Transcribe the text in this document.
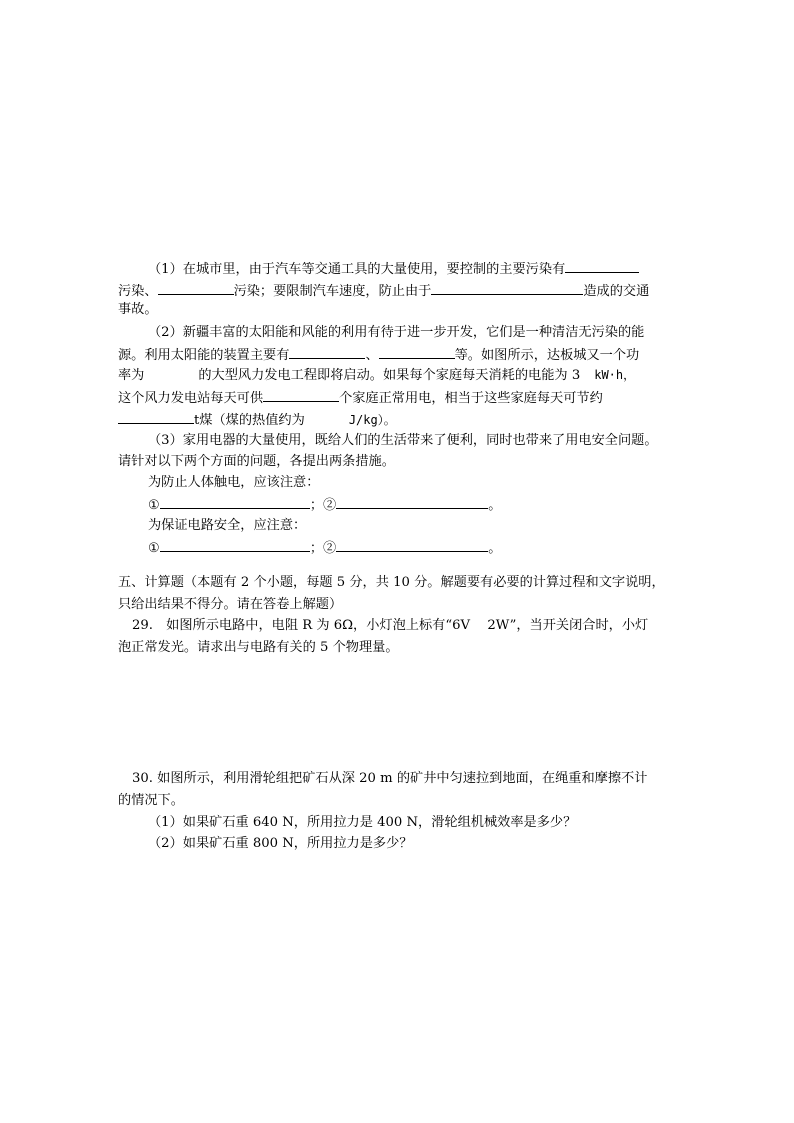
（1）在城市里，由于汽车等交通工具的大量使用，要控制的主要污染有
污染、	污染；要限制汽车速度，防止由于	造成的交通
事故。
（2）新疆丰富的太阳能和风能的利用有待于进一步开发，它们是一种清洁无污染的能
源。利用太阳能的装置主要有	、	等。如图所示，达板城又一个功
率为	的大型风力发电工程即将启动。如果每个家庭每天消耗的电能为 3 kW·h，
这个风力发电站每天可供	个家庭正常用电，相当于这些家庭每天可节约
t煤（煤的热值约为	J/kg）。
（3）家用电器的大量使用，既给人们的生活带来了便利，同时也带来了用电安全问题。
请针对以下两个方面的问题，各提出两条措施。
为防止人体触电，应该注意：
①	；②	。
为保证电路安全，应注意：
①	；②	。
五、计算题（本题有 2 个小题，每题 5 分，共 10 分。解题要有必要的计算过程和文字说明，
只给出结果不得分。请在答卷上解题）
29.　如图所示电路中，电阻 R 为 6Ω，小灯泡上标有“6V　 2W”，当开关闭合时，小灯
泡正常发光。请求出与电路有关的 5 个物理量。
30. 如图所示，利用滑轮组把矿石从深 20 m 的矿井中匀速拉到地面，在绳重和摩擦不计
的情况下。
（1）如果矿石重 640 N，所用拉力是 400 N，滑轮组机械效率是多少？
（2）如果矿石重 800 N，所用拉力是多少？
